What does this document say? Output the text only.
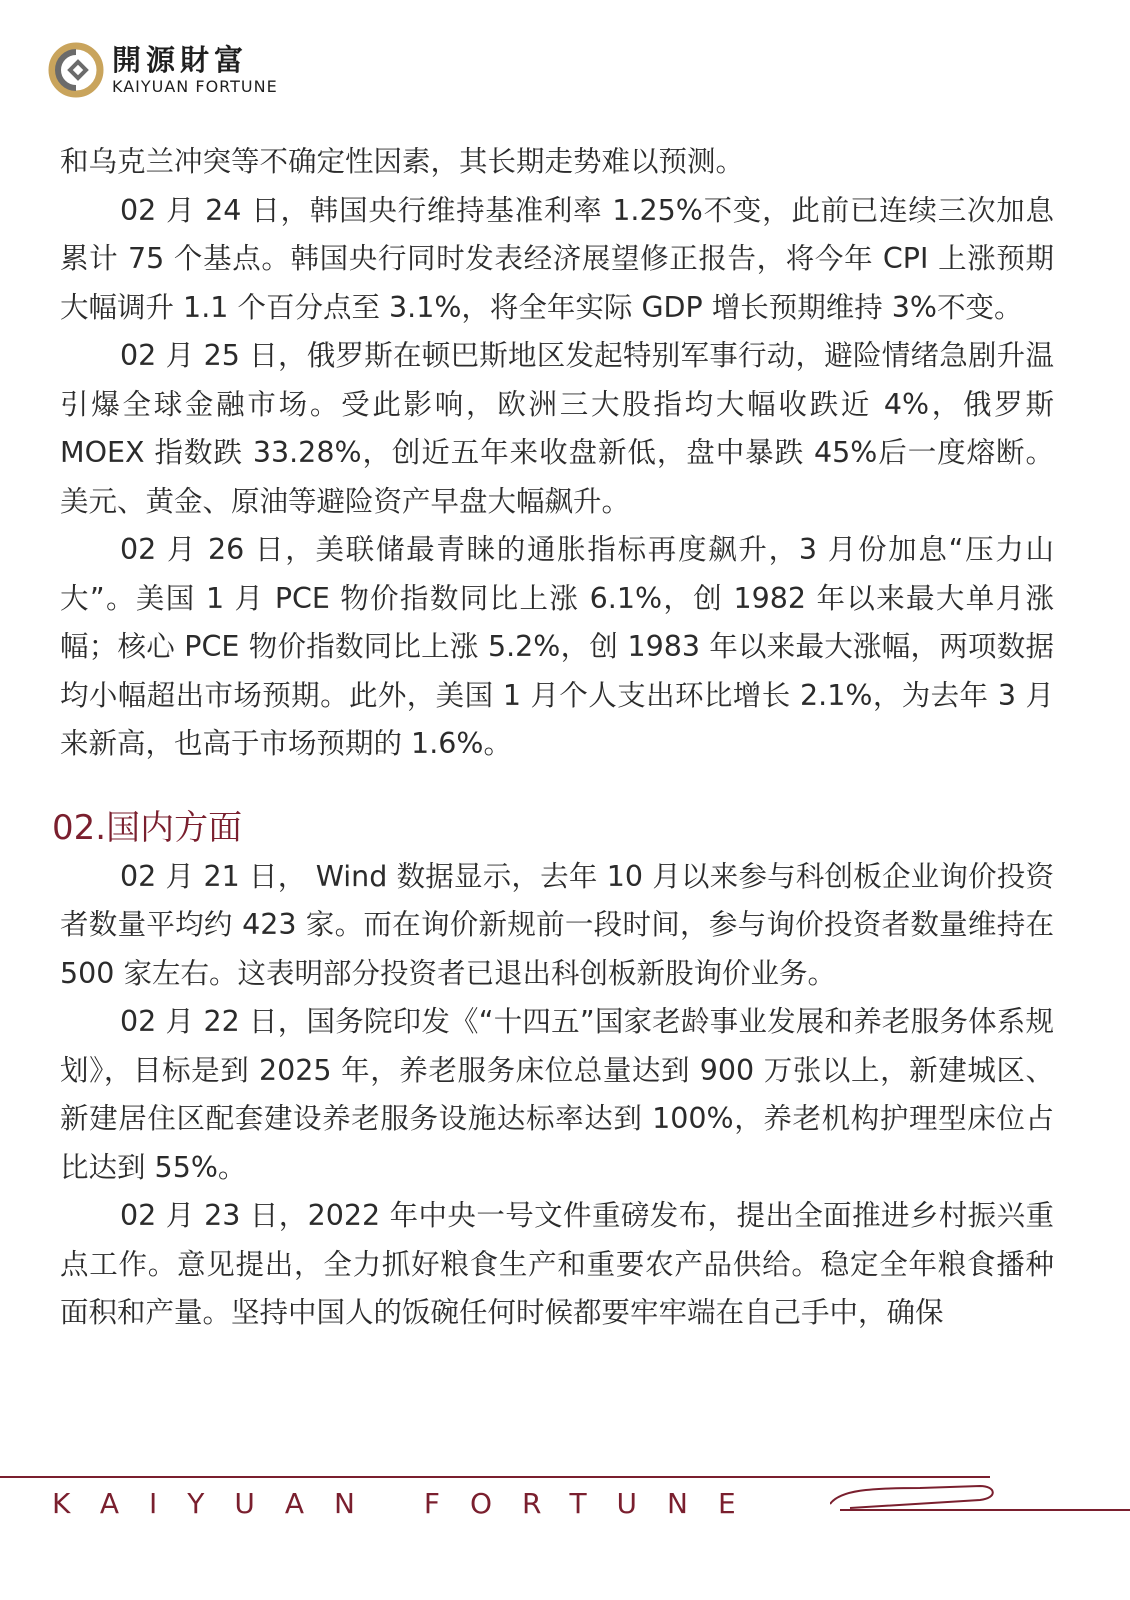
開源財富
KAIYUAN FORTUNE

和乌克兰冲突等不确定性因素，其长期走势难以预测。

02 月 24 日，韩国央行维持基准利率 1.25%不变，此前已连续三次加息累计 75 个基点。韩国央行同时发表经济展望修正报告，将今年 CPI 上涨预期大幅调升 1.1 个百分点至 3.1%，将全年实际 GDP 增长预期维持 3%不变。

02 月 25 日，俄罗斯在顿巴斯地区发起特别军事行动，避险情绪急剧升温引爆全球金融市场。受此影响，欧洲三大股指均大幅收跌近 4%，俄罗斯 MOEX 指数跌 33.28%，创近五年来收盘新低，盘中暴跌 45%后一度熔断。美元、黄金、原油等避险资产早盘大幅飙升。

02 月 26 日，美联储最青睐的通胀指标再度飙升，3 月份加息“压力山大”。美国 1 月 PCE 物价指数同比上涨 6.1%，创 1982 年以来最大单月涨幅；核心 PCE 物价指数同比上涨 5.2%，创 1983 年以来最大涨幅，两项数据均小幅超出市场预期。此外，美国 1 月个人支出环比增长 2.1%，为去年 3 月来新高，也高于市场预期的 1.6%。

02.国内方面

02 月 21 日， Wind 数据显示，去年 10 月以来参与科创板企业询价投资者数量平均约 423 家。而在询价新规前一段时间，参与询价投资者数量维持在 500 家左右。这表明部分投资者已退出科创板新股询价业务。

02 月 22 日，国务院印发《“十四五”国家老龄事业发展和养老服务体系规划》，目标是到 2025 年，养老服务床位总量达到 900 万张以上，新建城区、新建居住区配套建设养老服务设施达标率达到 100%，养老机构护理型床位占比达到 55%。

02 月 23 日，2022 年中央一号文件重磅发布，提出全面推进乡村振兴重点工作。意见提出，全力抓好粮食生产和重要农产品供给。稳定全年粮食播种面积和产量。坚持中国人的饭碗任何时候都要牢牢端在自己手中，确保

KAIYUAN FORTUNE
